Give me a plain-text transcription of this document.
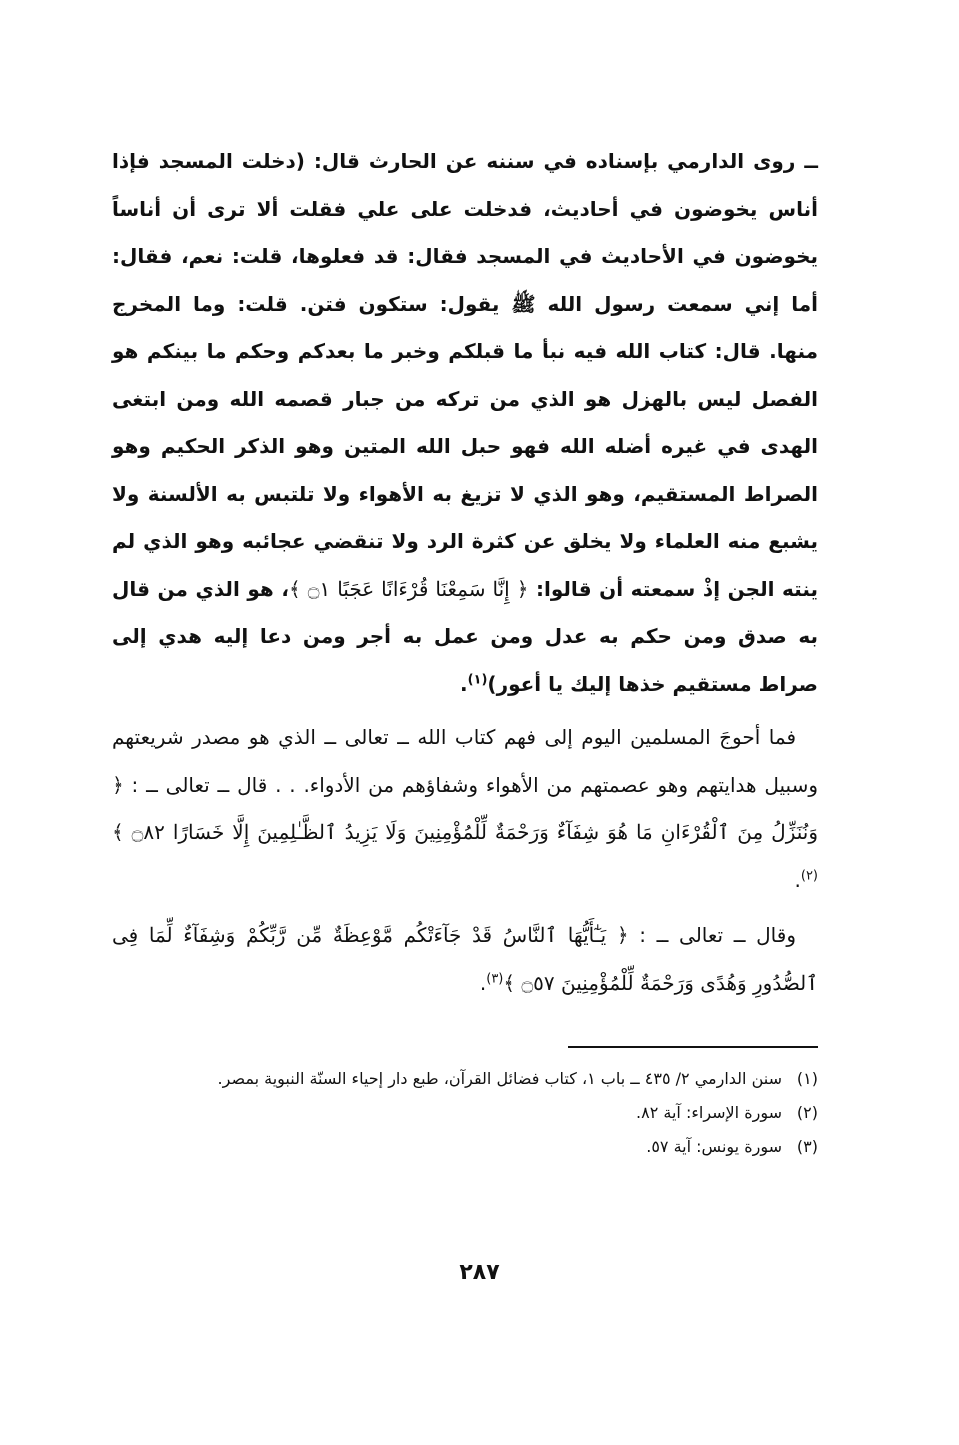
ــ روى الدارمي بإسناده في سننه عن الحارث قال: (دخلت المسجد فإذا أناس يخوضون في أحاديث، فدخلت على علي فقلت ألا ترى أن أناساً يخوضون في الأحاديث في المسجد فقال: قد فعلوها، قلت: نعم، فقال: أما إني سمعت رسول الله ﷺ يقول: ستكون فتن. قلت: وما المخرج منها. قال: كتاب الله فيه نبأ ما قبلكم وخبر ما بعدكم وحكم ما بينكم هو الفصل ليس بالهزل هو الذي من تركه من جبار قصمه الله ومن ابتغى الهدى في غيره أضله الله فهو حبل الله المتين وهو الذكر الحكيم وهو الصراط المستقيم، وهو الذي لا تزيغ به الأهواء ولا تلتبس به الألسنة ولا يشبع منه العلماء ولا يخلق عن كثرة الرد ولا تنقضي عجائبه وهو الذي لم ينته الجن إذْ سمعته أن قالوا: ﴿ إِنَّا سَمِعْنَا قُرْءَانًا عَجَبًا ۝١ ﴾، هو الذي من قال به صدق ومن حكم به عدل ومن عمل به أجر ومن دعا إليه هدي إلى صراط مستقيم خذها إليك يا أعور)$^{(١)}$.

فما أحوجَ المسلمين اليوم إلى فهم كتاب الله ــ تعالى ــ الذي هو مصدر شريعتهم وسبيل هدايتهم وهو عصمتهم من الأهواء وشفاؤهم من الأدواء. . . قال ــ تعالى ــ : ﴿ وَنُنَزِّلُ مِنَ ٱلْقُرْءَانِ مَا هُوَ شِفَآءٌ وَرَحْمَةٌ لِّلْمُؤْمِنِينَ وَلَا يَزِيدُ ٱلظَّـٰلِمِينَ إِلَّا خَسَارًا ۝٨٢ ﴾$^{(٢)}$.

وقال ــ تعالى ــ : ﴿ يَـٰٓأَيُّهَا ٱلنَّاسُ قَدْ جَآءَتْكُم مَّوْعِظَةٌ مِّن رَّبِّكُمْ وَشِفَآءٌ لِّمَا فِى ٱلصُّدُورِ وَهُدًى وَرَحْمَةٌ لِّلْمُؤْمِنِينَ ۝٥٧ ﴾$^{(٣)}$.

(١)
سنن الدارمي ٢/ ٤٣٥ ــ باب ١، كتاب فضائل القرآن، طبع دار إحياء السنّة النبوية بمصر.

(٢)
سورة الإسراء: آية ٨٢.

(٣)
سورة يونس: آية ٥٧.

٢٨٧
